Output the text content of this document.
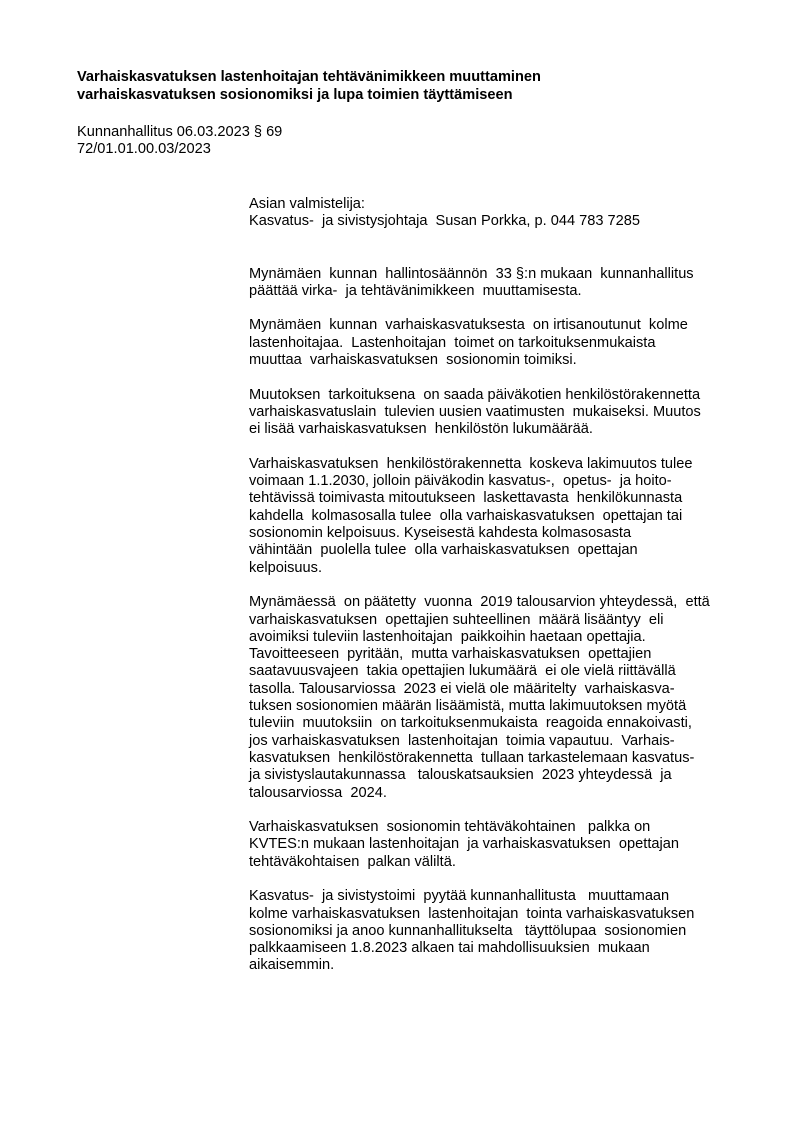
Varhaiskasvatuksen lastenhoitajan tehtävänimikkeen muuttaminen
varhaiskasvatuksen sosionomiksi ja lupa toimien täyttämiseen
Kunnanhallitus 06.03.2023 § 69
72/01.01.00.03/2023
Asian valmistelija:
Kasvatus-  ja sivistysjohtaja  Susan Porkka, p. 044 783 7285
Mynämäen  kunnan  hallintosäännön  33 §:n mukaan  kunnanhallitus
päättää virka-  ja tehtävänimikkeen  muuttamisesta.
Mynämäen  kunnan  varhaiskasvatuksesta  on irtisanoutunut  kolme
lastenhoitajaa.  Lastenhoitajan  toimet on tarkoituksenmukaista
muuttaa  varhaiskasvatuksen  sosionomin toimiksi.
Muutoksen  tarkoituksena  on saada päiväkotien henkilöstörakennetta
varhaiskasvatuslain  tulevien uusien vaatimusten  mukaiseksi. Muutos
ei lisää varhaiskasvatuksen  henkilöstön lukumäärää.
Varhaiskasvatuksen  henkilöstörakennetta  koskeva lakimuutos tulee
voimaan 1.1.2030, jolloin päiväkodin kasvatus-,  opetus-  ja hoito-
tehtävissä toimivasta mitoutukseen  laskettavasta  henkilökunnasta
kahdella  kolmasosalla tulee  olla varhaiskasvatuksen  opettajan tai
sosionomin kelpoisuus. Kyseisestä kahdesta kolmasosasta
vähintään  puolella tulee  olla varhaiskasvatuksen  opettajan
kelpoisuus.
Mynämäessä  on päätetty  vuonna  2019 talousarvion yhteydessä,  että
varhaiskasvatuksen  opettajien suhteellinen  määrä lisääntyy  eli
avoimiksi tuleviin lastenhoitajan  paikkoihin haetaan opettajia.
Tavoitteeseen  pyritään,  mutta varhaiskasvatuksen  opettajien
saatavuusvajeen  takia opettajien lukumäärä  ei ole vielä riittävällä
tasolla. Talousarviossa  2023 ei vielä ole määritelty  varhaiskasva-
tuksen sosionomien määrän lisäämistä, mutta lakimuutoksen myötä
tuleviin  muutoksiin  on tarkoituksenmukaista  reagoida ennakoivasti,
jos varhaiskasvatuksen  lastenhoitajan  toimia vapautuu.  Varhais-
kasvatuksen  henkilöstörakennetta  tullaan tarkastelemaan kasvatus-
ja sivistyslautakunnassa   talouskatsauksien  2023 yhteydessä  ja
talousarviossa  2024.
Varhaiskasvatuksen  sosionomin tehtäväkohtainen   palkka on
KVTES:n mukaan lastenhoitajan  ja varhaiskasvatuksen  opettajan
tehtäväkohtaisen  palkan väliltä.
Kasvatus-  ja sivistystoimi  pyytää kunnanhallitusta   muuttamaan
kolme varhaiskasvatuksen  lastenhoitajan  tointa varhaiskasvatuksen
sosionomiksi ja anoo kunnanhallitukselta   täyttölupaa  sosionomien
palkkaamiseen 1.8.2023 alkaen tai mahdollisuuksien  mukaan
aikaisemmin.
